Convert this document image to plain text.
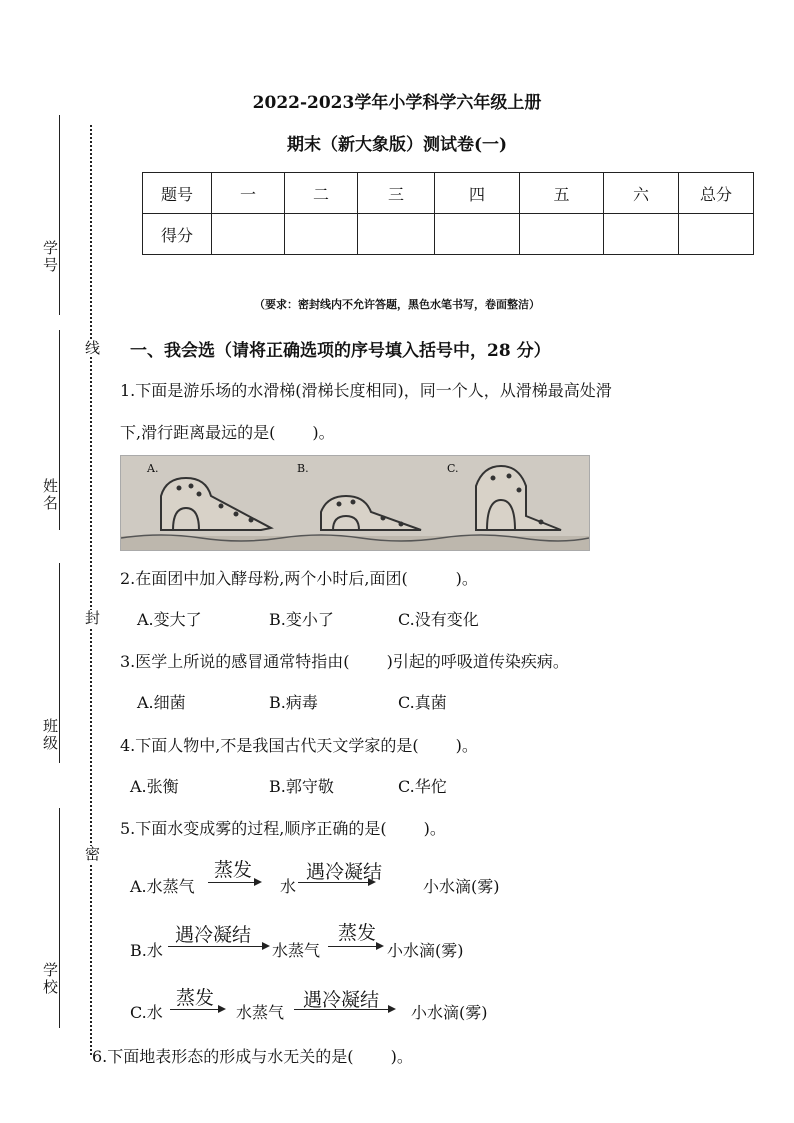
学号
姓名
班级
学校
线
封
密
2022-2023学年小学科学六年级上册
期末（新大象版）测试卷(一)
题号	一	二	三	四	五	六	总分
得分							
（要求：密封线内不允许答题，黑色水笔书写，卷面整洁）
一、我会选（请将正确选项的序号填入括号中，28 分）
1.下面是游乐场的水滑梯(滑梯长度相同)，同一个人，从滑梯最高处滑
下,滑行距离最远的是(　　 )。
A.	B.	C.
2.在面团中加入酵母粉,两个小时后,面团(　　　)。
A.变大了	B.变小了	C.没有变化
3.医学上所说的感冒通常特指由(　　 )引起的呼吸道传染疾病。
A.细菌	B.病毒	C.真菌
4.下面人物中,不是我国古代天文学家的是(　　 )。
A.张衡	B.郭守敬	C.华佗
5.下面水变成雾的过程,顺序正确的是(　　 )。
A.水蒸气
蒸发
水
遇冷凝结
小水滴(雾)
B.水
遇冷凝结
水蒸气
蒸发
小水滴(雾)
C.水
蒸发
水蒸气
遇冷凝结
小水滴(雾)
6.下面地表形态的形成与水无关的是(　　 )。
